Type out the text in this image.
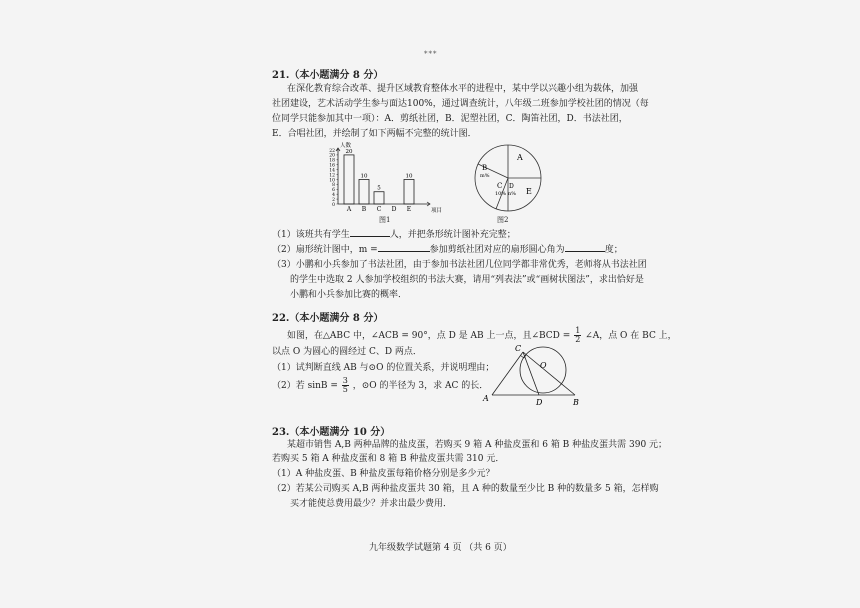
***
21.（本小题满分 8 分）
在深化教育综合改革、提升区域教育整体水平的进程中，某中学以兴趣小组为载体，加强
社团建设，艺术活动学生参与面达100%，通过调查统计，八年级二班参加学校社团的情况（每
位同学只能参加其中一项）：A．剪纸社团，B．泥塑社团，C．陶笛社团，D．书法社团，
E．合唱社团，并绘制了如下两幅不完整的统计图．
0
2
4
6
8
10
12
14
16
18
20
22
人数
项目
20
A
10
B
5
C D
10
E
图1
A
B
m%
C
10%
D
n% E
图2
（1）该班共有学生	人，并把条形统计图补充完整；
（2）扇形统计图中，m =	参加剪纸社团对应的扇形圆心角为	度；
（3）小鹏和小兵参加了书法社团，由于参加书法社团几位同学都非常优秀，老师将从书法社团
的学生中选取 2 人参加学校组织的书法大赛，请用“列表法”或“画树状图法”，求出恰好是
小鹏和小兵参加比赛的概率．
22.（本小题满分 8 分）
如图，在△ABC 中，∠ACB = 90°，点 D 是 AB 上一点，且∠BCD = $\frac{1}{2}$ ∠A，点 O 在 BC 上，
以点 O 为圆心的圆经过 C、D 两点．
（1）试判断直线 AB 与⊙O 的位置关系，并说明理由；
（2）若 $\sin B = \frac{3}{5}$ ，⊙O 的半径为 3，求 AC 的长．
C
O
A	D	B
23.（本小题满分 10 分）
某超市销售 A,B 两种品牌的盐皮蛋，若购买 9 箱 A 种盐皮蛋和 6 箱 B 种盐皮蛋共需 390 元；
若购买 5 箱 A 种盐皮蛋和 8 箱 B 种盐皮蛋共需 310 元．
（1）A 种盐皮蛋、B 种盐皮蛋每箱价格分别是多少元？
（2）若某公司购买 A,B 两种盐皮蛋共 30 箱，且 A 种的数量至少比 B 种的数量多 5 箱，怎样购
买才能使总费用最少？并求出最少费用．
九年级数学试题第 4 页 （共 6 页）
